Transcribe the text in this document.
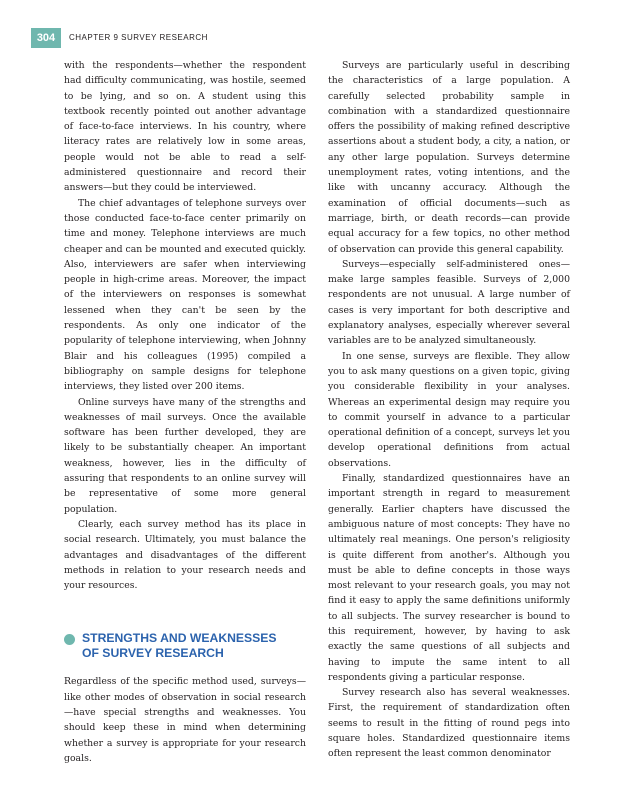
304	CHAPTER 9 SURVEY RESEARCH

with the respondents—whether the respondent had difficulty communicating, was hostile, seemed to be lying, and so on. A student using this textbook recently pointed out another advantage of face-to-face interviews. In his country, where literacy rates are relatively low in some areas, people would not be able to read a self-administered questionnaire and record their answers—but they could be interviewed.

The chief advantages of telephone surveys over those conducted face-to-face center primarily on time and money. Telephone interviews are much cheaper and can be mounted and executed quickly. Also, interviewers are safer when interviewing people in high-crime areas. Moreover, the impact of the interviewers on responses is somewhat lessened when they can't be seen by the respondents. As only one indicator of the popularity of telephone interviewing, when Johnny Blair and his colleagues (1995) compiled a bibliography on sample designs for telephone interviews, they listed over 200 items.

Online surveys have many of the strengths and weaknesses of mail surveys. Once the available software has been further developed, they are likely to be substantially cheaper. An important weakness, however, lies in the difficulty of assuring that respondents to an online survey will be representative of some more general population.

Clearly, each survey method has its place in social research. Ultimately, you must balance the advantages and disadvantages of the different methods in relation to your research needs and your resources.

STRENGTHS AND WEAKNESSES
OF SURVEY RESEARCH

Regardless of the specific method used, surveys—like other modes of observation in social research—have special strengths and weaknesses. You should keep these in mind when determining whether a survey is appropriate for your research goals.

Surveys are particularly useful in describing the characteristics of a large population. A carefully selected probability sample in combination with a standardized questionnaire offers the possibility of making refined descriptive assertions about a student body, a city, a nation, or any other large population. Surveys determine unemployment rates, voting intentions, and the like with uncanny accuracy. Although the examination of official documents—such as marriage, birth, or death records—can provide equal accuracy for a few topics, no other method of observation can provide this general capability.

Surveys—especially self-administered ones—make large samples feasible. Surveys of 2,000 respondents are not unusual. A large number of cases is very important for both descriptive and explanatory analyses, especially wherever several variables are to be analyzed simultaneously.

In one sense, surveys are flexible. They allow you to ask many questions on a given topic, giving you considerable flexibility in your analyses. Whereas an experimental design may require you to commit yourself in advance to a particular operational definition of a concept, surveys let you develop operational definitions from actual observations.

Finally, standardized questionnaires have an important strength in regard to measurement generally. Earlier chapters have discussed the ambiguous nature of most concepts: They have no ultimately real meanings. One person's religiosity is quite different from another's. Although you must be able to define concepts in those ways most relevant to your research goals, you may not find it easy to apply the same definitions uniformly to all subjects. The survey researcher is bound to this requirement, however, by having to ask exactly the same questions of all subjects and having to impute the same intent to all respondents giving a particular response.

Survey research also has several weaknesses. First, the requirement of standardization often seems to result in the fitting of round pegs into square holes. Standardized questionnaire items often represent the least common denominator
